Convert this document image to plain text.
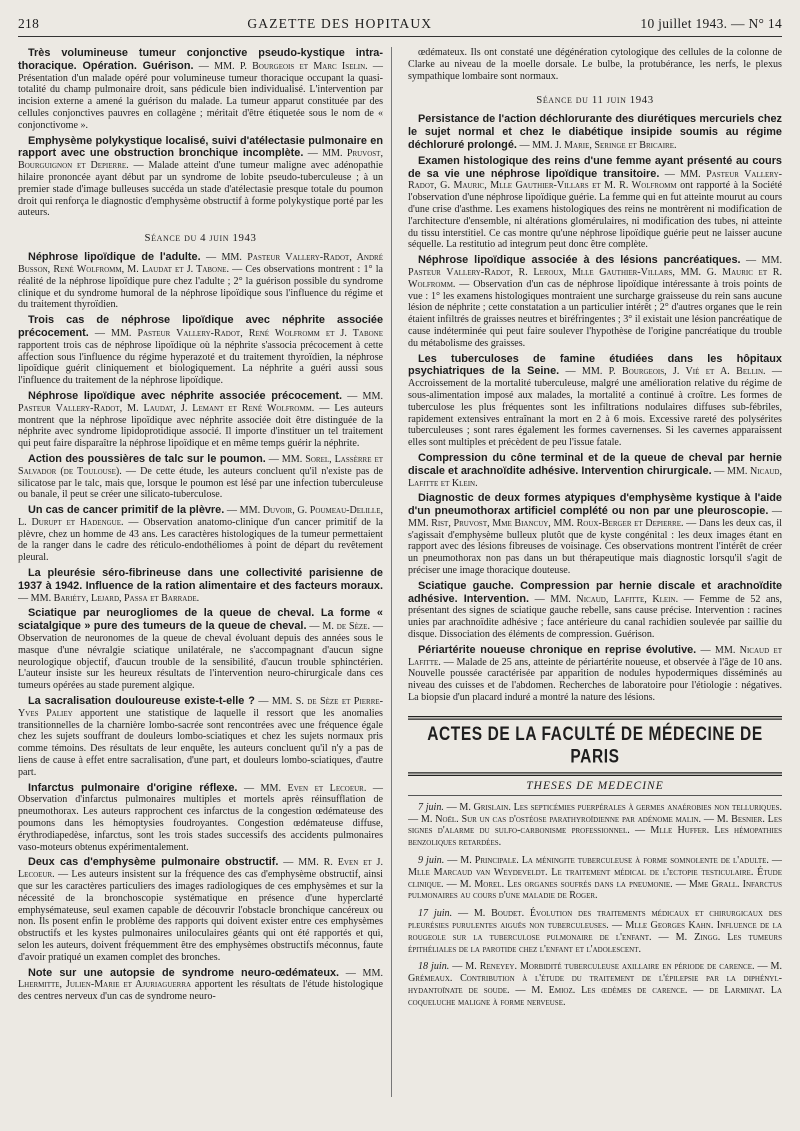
218	GAZETTE DES HOPITAUX	10 juillet 1943. — N° 14

Très volumineuse tumeur conjonctive pseudo-kystique intra-thoracique. Opération. Guérison. — MM. P. Bourgeois et Marc Iselin. — Présentation d'un malade opéré pour volumineuse tumeur thoracique occupant la quasi-totalité du champ pulmonaire droit, sans pédicule bien individualisé. L'intervention par incision externe a amené la guérison du malade. La tumeur apparut constituée par des cellules conjonctives pauvres en collagène ; méritait d'être étiquetée sous le nom de « conjonctivome ».

Emphysème polykystique localisé, suivi d'atélectasie pulmonaire en rapport avec une obstruction bronchique incomplète. — MM. Pruvost, Bourguignon et Depierre. — Malade atteint d'une tumeur maligne avec adénopathie hilaire prononcée ayant début par un syndrome de lobite pseudo-tuberculeuse ; à un premier stade d'image bulleuses succéda un stade d'atélectasie presque totale du poumon droit qui renforça le diagnostic d'emphysème obstructif à forme polykystique porté par les auteurs.

Séance du 4 juin 1943

Néphrose lipoïdique de l'adulte. — MM. Pasteur Vallery-Radot, André Busson, René Wolfromm, M. Laudat et J. Tabone. — Ces observations montrent : 1° la réalité de la néphrose lipoïdique pure chez l'adulte ; 2° la guérison possible du syndrome clinique et du syndrome humoral de la néphrose lipoïdique sous l'influence du régime et du traitement thyroïdien.

Trois cas de néphrose lipoïdique avec néphrite associée précocement. — MM. Pasteur Vallery-Radot, René Wolfromm et J. Tabone rapportent trois cas de néphrose lipoïdique où la néphrite s'associa précocement à cette affection sous l'influence du régime hyperazoté et du traitement thyroïdien, la néphrose lipoïdique guérit cliniquement et biologiquement. La néphrite a guéri aussi sous l'influence du traitement de la néphrose lipoïdique.

Néphrose lipoïdique avec néphrite associée précocement. — MM. Pasteur Vallery-Radot, M. Laudat, J. Lemant et René Wolfromm. — Les auteurs montrent que la néphrose lipoïdique avec néphrite associée doit être distinguée de la néphrite avec syndrome lipidoprotidique associé. Il importe d'instituer un tel traitement qui peut faire disparaître la néphrose lipoïdique et en même temps guérir la néphrite.

Action des poussières de talc sur le poumon. — MM. Sorel, Lassèrre et Salvador (de Toulouse). — De cette étude, les auteurs concluent qu'il n'existe pas de silicatose par le talc, mais que, lorsque le poumon est lésé par une infection tuberculeuse ou banale, il peut se créer une silicato-tuberculose.

Un cas de cancer primitif de la plèvre. — MM. Duvoir, G. Poumeau-Delille, L. Durupt et Hadengue. — Observation anatomo-clinique d'un cancer primitif de la plèvre, chez un homme de 43 ans. Les caractères histologiques de la tumeur permettaient de la ranger dans le cadre des réticulo-endothéliomes à point de départ du revêtement pleural.

La pleurésie séro-fibrineuse dans une collectivité parisienne de 1937 à 1942. Influence de la ration alimentaire et des facteurs moraux. — MM. Bariéty, Lejard, Passa et Barrade.

Sciatique par neurogliomes de la queue de cheval. La forme « sciatalgique » pure des tumeurs de la queue de cheval. — M. de Sèze. — Observation de neuronomes de la queue de cheval évoluant depuis des années sous le masque d'une névralgie sciatique unilatérale, ne s'accompagnant d'aucun signe neurologique objectif, d'aucun trouble de la sensibilité, d'aucun trouble sphinctérien. L'auteur insiste sur les heureux résultats de l'intervention neuro-chirurgicale dans ces tumeurs opérées au stade purement algique.

La sacralisation douloureuse existe-t-elle ? — MM. S. de Sèze et Pierre-Yves Paliey apportent une statistique de laquelle il ressort que les anomalies transitionnelles de la charnière lombo-sacrée sont rencontrées avec une fréquence égale chez les sujets souffrant de douleurs lombo-sciatiques et chez les sujets normaux pris comme témoins. Des résultats de leur enquête, les auteurs concluent qu'il n'y a pas de liens de cause à effet entre sacralisation, d'une part, et douleurs lombo-sciatiques, d'autre part.

Infarctus pulmonaire d'origine réflexe. — MM. Even et Lecoeur. — Observation d'infarctus pulmonaires multiples et mortels après réinsufflation de pneumothorax. Les auteurs rapprochent ces infarctus de la congestion œdémateuse des poumons dans les hémoptysies foudroyantes. Congestion œdémateuse diffuse, érythrodiapedèse, infarctus, sont les trois stades successifs des accidents pulmonaires vaso-moteurs obtenus expérimentalement.

Deux cas d'emphysème pulmonaire obstructif. — MM. R. Even et J. Lecoeur. — Les auteurs insistent sur la fréquence des cas d'emphysème obstructif, ainsi que sur les caractères particuliers des images radiologiques de ces emphysèmes et sur la nécessité de la bronchoscopie systématique en présence d'une hyperclarté emphysémateuse, seul examen capable de découvrir l'obstacle bronchique cancéreux ou non. Ils posent enfin le problème des rapports qui doivent exister entre ces emphysèmes obstructifs et les kystes pulmonaires uniloculaires géants qui ont été rapportés et qui, selon les auteurs, doivent fréquemment être des emphysèmes obstructifs méconnus, faute d'avoir pratiqué un examen complet des bronches.

Note sur une autopsie de syndrome neuro-œdémateux. — MM. Lhermitte, Julien-Marie et Ajuriaguerra apportent les résultats de l'étude histologique des centres nerveux d'un cas de syndrome neuro-

œdémateux. Ils ont constaté une dégénération cytologique des cellules de la colonne de Clarke au niveau de la moelle dorsale. Le bulbe, la protubérance, les nerfs, le plexus sympathique lombaire sont normaux.

Séance du 11 juin 1943

Persistance de l'action déchlorurante des diurétiques mercuriels chez le sujet normal et chez le diabétique insipide soumis au régime déchloruré prolongé. — MM. J. Marie, Seringe et Bricaire.

Examen histologique des reins d'une femme ayant présenté au cours de sa vie une néphrose lipoïdique transitoire. — MM. Pasteur Vallery-Radot, G. Mauric, Mlle Gauthier-Villars et M. R. Wolfromm ont rapporté à la Société l'observation d'une néphrose lipoïdique guérie. La femme qui en fut atteinte mourut au cours d'une crise d'asthme. Les examens histologiques des reins ne montrèrent ni modification de l'architecture d'ensemble, ni altérations glomérulaires, ni modification des tubes, ni atteinte du tissu interstitiel. Ce cas montre qu'une néphrose lipoïdique guérie peut ne laisser aucune séquelle. La restitutio ad integrum peut donc être complète.

Néphrose lipoïdique associée à des lésions pancréatiques. — MM. Pasteur Vallery-Radot, R. Leroux, Mlle Gauthier-Villars, MM. G. Mauric et R. Wolfromm. — Observation d'un cas de néphrose lipoïdique intéressante à trois points de vue : 1° les examens histologiques montraient une surcharge graisseuse du rein sans aucune lésion de néphrite ; cette constatation a un particulier intérêt ; 2° d'autres organes que le rein étaient infiltrés de graisses neutres et biréfringentes ; 3° il existait une lésion pancréatique de cause indéterminée qui peut faire soulever l'hypothèse de l'origine pancréatique du trouble du métabolisme des graisses.

Les tuberculoses de famine étudiées dans les hôpitaux psychiatriques de la Seine. — MM. P. Bourgeois, J. Vié et A. Bellin. — Accroissement de la mortalité tuberculeuse, malgré une amélioration relative du régime de sous-alimentation imposé aux malades, la mortalité a continué à croître. Les formes de tuberculose les plus fréquentes sont les infiltrations nodulaires diffuses sub-fébriles, rapidement extensives entraînant la mort en 2 à 6 mois. Excessive rareté des polysérites tuberculeuses ; sont rares également les formes cavernenses. Si les cavernes apparaissent elles sont multiples et précèdent de peu l'issue fatale.

Compression du cône terminal et de la queue de cheval par hernie discale et arachnoïdite adhésive. Intervention chirurgicale. — MM. Nicaud, Lafitte et Klein.

Diagnostic de deux formes atypiques d'emphysème kystique à l'aide d'un pneumothorax artificiel complété ou non par une pleuroscopie. — MM. Rist, Pruvost, Mme Biancuy, MM. Roux-Berger et Depierre. — Dans les deux cas, il s'agissait d'emphysème bulleux plutôt que de kyste congénital : les deux images étant en rapport avec des lésions fibreuses de voisinage. Ces observations montrent l'intérêt de créer un pneumothorax non pas dans un but thérapeutique mais diagnostic lorsqu'il s'agit de préciser une image thoracique douteuse.

Sciatique gauche. Compression par hernie discale et arachnoïdite adhésive. Intervention. — MM. Nicaud, Lafitte, Klein. — Femme de 52 ans, présentant des signes de sciatique gauche rebelle, sans cause précise. Intervention : racines unies par arachnoïdite adhésive ; face antérieure du canal rachidien soulevée par saillie du disque. Dissociation des éléments de compression. Guérison.

Périartérite noueuse chronique en reprise évolutive. — MM. Nicaud et Lafitte. — Malade de 25 ans, atteinte de périartérite noueuse, et observée à l'âge de 10 ans. Nouvelle poussée caractérisée par apparition de nodules hypodermiques disséminés au niveau des cuisses et de l'abdomen. Recherches de laboratoire pour l'étiologie : négatives. La biopsie d'un placard induré a montré la nature des lésions.

ACTES DE LA FACULTÉ DE MÉDECINE DE PARIS
THESES DE MEDECINE

7 juin. — M. Grislain. Les septicémies puerpérales à germes anaérobies non telluriques. — M. Noël. Sur un cas d'ostéose parathyroïdienne par adénome malin. — M. Besnier. Les signes d'alarme du sulfo-carbonisme professionnel. — Mlle Huffer. Les hémopathies benzoliques retardées.

9 juin. — M. Principale. La méningite tuberculeuse à forme somnolente de l'adulte. — Mlle Marcaud van Weydeveldt. Le traitement médical de l'ectopie testiculaire. Étude clinique. — M. Morel. Les organes soufrés dans la pneumonie. — Mme Grall. Infarctus pulmonaires au cours d'une maladie de Roger.

17 juin. — M. Boudet. Évolution des traitements médicaux et chirurgicaux des pleurésies purulentes aiguës non tuberculeuses. — Mlle Georges Kahn. Influence de la rougeole sur la tuberculose pulmonaire de l'enfant. — M. Zingg. Les tumeurs épithéliales de la parotide chez l'enfant et l'adolescent.

18 juin. — M. Reneyey. Morbidité tuberculeuse axillaire en période de carence. — M. Grémeaux. Contribution à l'étude du traitement de l'épilepsie par la diphényl-hydantoïnate de soude. — M. Emioz. Les œdèmes de carence. — de Larminat. La coqueluche maligne à forme nerveuse.
